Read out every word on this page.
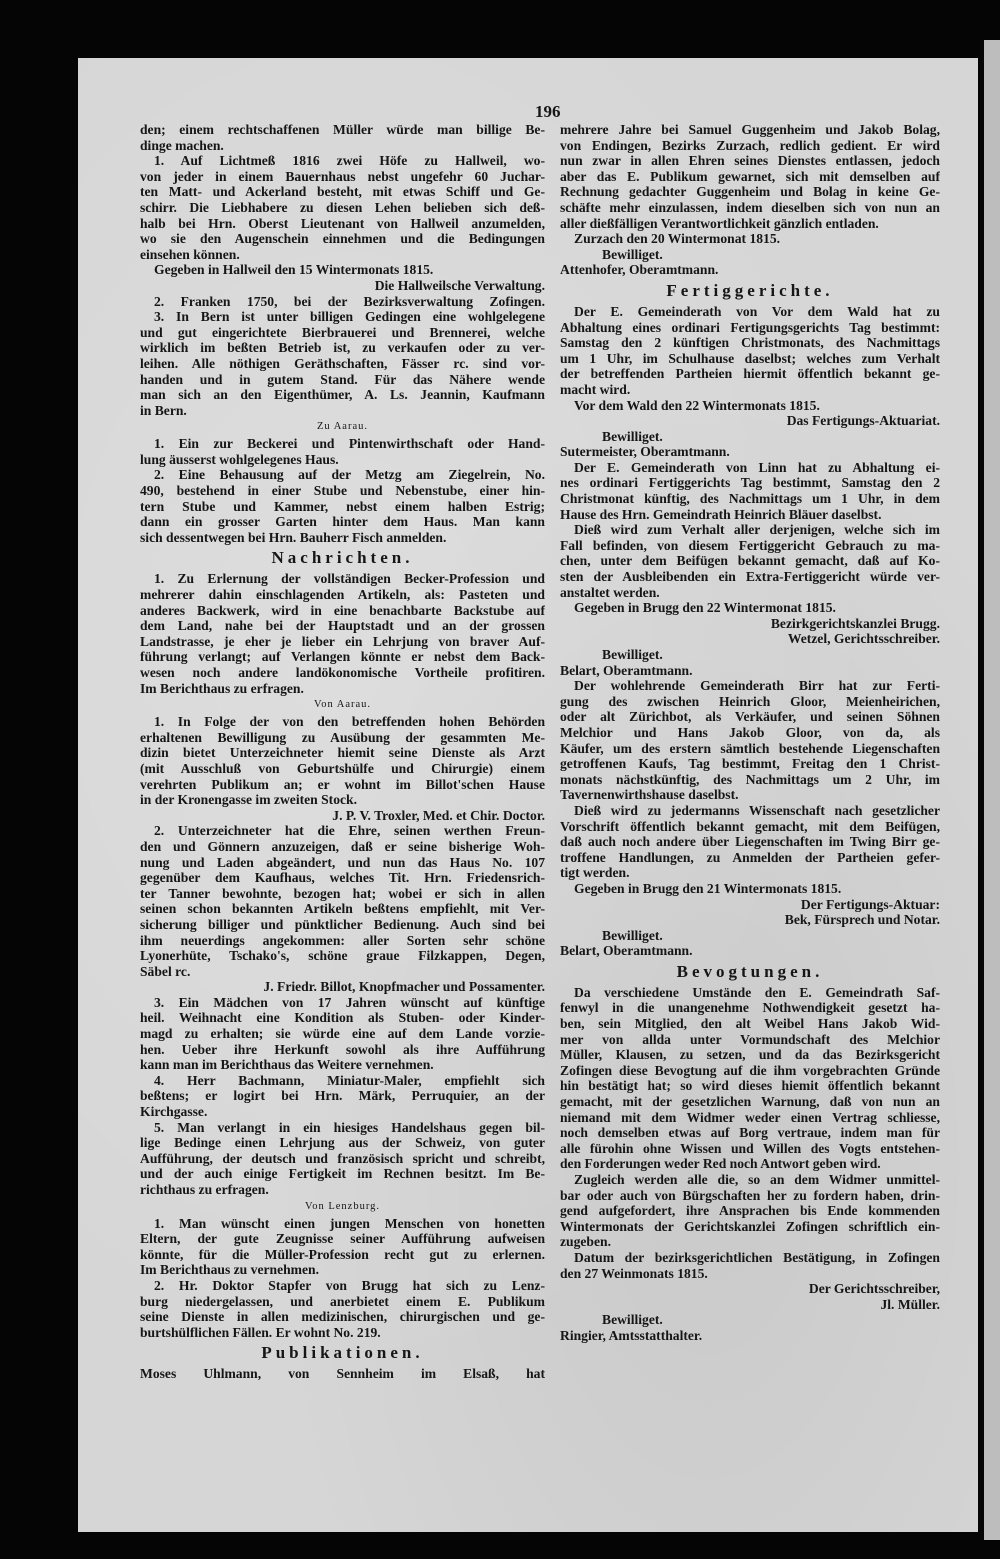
196
den; einem rechtschaffenen Müller würde man billige Be-
dinge machen.
1. Auf Lichtmeß 1816 zwei Höfe zu Hallweil, wo-
von jeder in einem Bauernhaus nebst ungefehr 60 Juchar-
ten Matt- und Ackerland besteht, mit etwas Schiff und Ge-
schirr. Die Liebhabere zu diesen Lehen belieben sich deß-
halb bei Hrn. Oberst Lieutenant von Hallweil anzumelden,
wo sie den Augenschein einnehmen und die Bedingungen
einsehen können.
Gegeben in Hallweil den 15 Wintermonats 1815.
Die Hallweilsche Verwaltung.
2. Franken 1750, bei der Bezirksverwaltung Zofingen.
3. In Bern ist unter billigen Gedingen eine wohlgelegene
und gut eingerichtete Bierbrauerei und Brennerei, welche
wirklich im beßten Betrieb ist, zu verkaufen oder zu ver-
leihen. Alle nöthigen Geräthschaften, Fässer rc. sind vor-
handen und in gutem Stand. Für das Nähere wende
man sich an den Eigenthümer, A. Ls. Jeannin, Kaufmann
in Bern.
Zu Aarau.
1. Ein zur Beckerei und Pintenwirthschaft oder Hand-
lung äusserst wohlgelegenes Haus.
2. Eine Behausung auf der Metzg am Ziegelrein, No.
490, bestehend in einer Stube und Nebenstube, einer hin-
tern Stube und Kammer, nebst einem halben Estrig;
dann ein grosser Garten hinter dem Haus. Man kann
sich dessentwegen bei Hrn. Bauherr Fisch anmelden.
Nachrichten.
1. Zu Erlernung der vollständigen Becker-Profession und
mehrerer dahin einschlagenden Artikeln, als: Pasteten und
anderes Backwerk, wird in eine benachbarte Backstube auf
dem Land, nahe bei der Hauptstadt und an der grossen
Landstrasse, je eher je lieber ein Lehrjung von braver Auf-
führung verlangt; auf Verlangen könnte er nebst dem Back-
wesen noch andere landökonomische Vortheile profitiren.
Im Berichthaus zu erfragen.
Von Aarau.
1. In Folge der von den betreffenden hohen Behörden
erhaltenen Bewilligung zu Ausübung der gesammten Me-
dizin bietet Unterzeichneter hiemit seine Dienste als Arzt
(mit Ausschluß von Geburtshülfe und Chirurgie) einem
verehrten Publikum an; er wohnt im Billot'schen Hause
in der Kronengasse im zweiten Stock.
J. P. V. Troxler, Med. et Chir. Doctor.
2. Unterzeichneter hat die Ehre, seinen werthen Freun-
den und Gönnern anzuzeigen, daß er seine bisherige Woh-
nung und Laden abgeändert, und nun das Haus No. 107
gegenüber dem Kaufhaus, welches Tit. Hrn. Friedensrich-
ter Tanner bewohnte, bezogen hat; wobei er sich in allen
seinen schon bekannten Artikeln beßtens empfiehlt, mit Ver-
sicherung billiger und pünktlicher Bedienung. Auch sind bei
ihm neuerdings angekommen: aller Sorten sehr schöne
Lyonerhüte, Tschako's, schöne graue Filzkappen, Degen,
Säbel rc.
J. Friedr. Billot, Knopfmacher und Possamenter.
3. Ein Mädchen von 17 Jahren wünscht auf künftige
heil. Weihnacht eine Kondition als Stuben- oder Kinder-
magd zu erhalten; sie würde eine auf dem Lande vorzie-
hen. Ueber ihre Herkunft sowohl als ihre Aufführung
kann man im Berichthaus das Weitere vernehmen.
4. Herr Bachmann, Miniatur-Maler, empfiehlt sich
beßtens; er logirt bei Hrn. Märk, Perruquier, an der
Kirchgasse.
5. Man verlangt in ein hiesiges Handelshaus gegen bil-
lige Bedinge einen Lehrjung aus der Schweiz, von guter
Aufführung, der deutsch und französisch spricht und schreibt,
und der auch einige Fertigkeit im Rechnen besitzt. Im Be-
richthaus zu erfragen.
Von Lenzburg.
1. Man wünscht einen jungen Menschen von honetten
Eltern, der gute Zeugnisse seiner Aufführung aufweisen
könnte, für die Müller-Profession recht gut zu erlernen.
Im Berichthaus zu vernehmen.
2. Hr. Doktor Stapfer von Brugg hat sich zu Lenz-
burg niedergelassen, und anerbietet einem E. Publikum
seine Dienste in allen medizinischen, chirurgischen und ge-
burtshülflichen Fällen. Er wohnt No. 219.
Publikationen.
Moses Uhlmann, von Sennheim im Elsaß, hat
mehrere Jahre bei Samuel Guggenheim und Jakob Bolag,
von Endingen, Bezirks Zurzach, redlich gedient. Er wird
nun zwar in allen Ehren seines Dienstes entlassen, jedoch
aber das E. Publikum gewarnet, sich mit demselben auf
Rechnung gedachter Guggenheim und Bolag in keine Ge-
schäfte mehr einzulassen, indem dieselben sich von nun an
aller dießfälligen Verantwortlichkeit gänzlich entladen.
Zurzach den 20 Wintermonat 1815.
Bewilliget.
Attenhofer, Oberamtmann.
Fertiggerichte.
Der E. Gemeinderath von Vor dem Wald hat zu
Abhaltung eines ordinari Fertigungsgerichts Tag bestimmt:
Samstag den 2 künftigen Christmonats, des Nachmittags
um 1 Uhr, im Schulhause daselbst; welches zum Verhalt
der betreffenden Partheien hiermit öffentlich bekannt ge-
macht wird.
Vor dem Wald den 22 Wintermonats 1815.
Das Fertigungs-Aktuariat.
Bewilliget.
Sutermeister, Oberamtmann.
Der E. Gemeinderath von Linn hat zu Abhaltung ei-
nes ordinari Fertiggerichts Tag bestimmt, Samstag den 2
Christmonat künftig, des Nachmittags um 1 Uhr, in dem
Hause des Hrn. Gemeindrath Heinrich Bläuer daselbst.
Dieß wird zum Verhalt aller derjenigen, welche sich im
Fall befinden, von diesem Fertiggericht Gebrauch zu ma-
chen, unter dem Beifügen bekannt gemacht, daß auf Ko-
sten der Ausbleibenden ein Extra-Fertiggericht würde ver-
anstaltet werden.
Gegeben in Brugg den 22 Wintermonat 1815.
Bezirkgerichtskanzlei Brugg.
Wetzel, Gerichtsschreiber.
Bewilliget.
Belart, Oberamtmann.
Der wohlehrende Gemeinderath Birr hat zur Ferti-
gung des zwischen Heinrich Gloor, Meienheirichen,
oder alt Zürichbot, als Verkäufer, und seinen Söhnen
Melchior und Hans Jakob Gloor, von da, als
Käufer, um des erstern sämtlich bestehende Liegenschaften
getroffenen Kaufs, Tag bestimmt, Freitag den 1 Christ-
monats nächstkünftig, des Nachmittags um 2 Uhr, im
Tavernenwirthshause daselbst.
Dieß wird zu jedermanns Wissenschaft nach gesetzlicher
Vorschrift öffentlich bekannt gemacht, mit dem Beifügen,
daß auch noch andere über Liegenschaften im Twing Birr ge-
troffene Handlungen, zu Anmelden der Partheien gefer-
tigt werden.
Gegeben in Brugg den 21 Wintermonats 1815.
Der Fertigungs-Aktuar:
Bek, Fürsprech und Notar.
Bewilliget.
Belart, Oberamtmann.
Bevogtungen.
Da verschiedene Umstände den E. Gemeindrath Saf-
fenwyl in die unangenehme Nothwendigkeit gesetzt ha-
ben, sein Mitglied, den alt Weibel Hans Jakob Wid-
mer von allda unter Vormundschaft des Melchior
Müller, Klausen, zu setzen, und da das Bezirksgericht
Zofingen diese Bevogtung auf die ihm vorgebrachten Gründe
hin bestätigt hat; so wird dieses hiemit öffentlich bekannt
gemacht, mit der gesetzlichen Warnung, daß von nun an
niemand mit dem Widmer weder einen Vertrag schliesse,
noch demselben etwas auf Borg vertraue, indem man für
alle fürohin ohne Wissen und Willen des Vogts entstehen-
den Forderungen weder Red noch Antwort geben wird.
Zugleich werden alle die, so an dem Widmer unmittel-
bar oder auch von Bürgschaften her zu fordern haben, drin-
gend aufgefordert, ihre Ansprachen bis Ende kommenden
Wintermonats der Gerichtskanzlei Zofingen schriftlich ein-
zugeben.
Datum der bezirksgerichtlichen Bestätigung, in Zofingen
den 27 Weinmonats 1815.
Der Gerichtsschreiber,
Jl. Müller.
Bewilliget.
Ringier, Amtsstatthalter.
